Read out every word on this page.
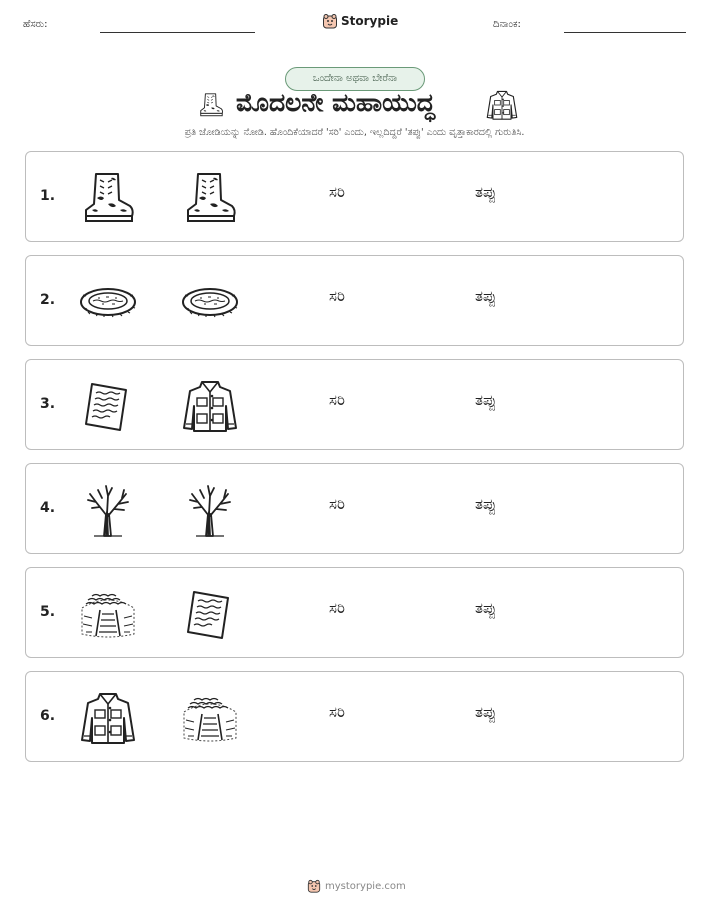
ಹೆಸರು:	Storypie	ದಿನಾಂಕ:
ಒಂದೇನಾ ಅಥವಾ ಬೇರೆನಾ
ಮೊದಲನೇ ಮಹಾಯುದ್ಧ
ಪ್ರತಿ ಜೋಡಿಯನ್ನು ನೋಡಿ. ಹೊಂದಿಕೆಯಾದರೆ 'ಸರಿ' ಎಂದು, ಇಲ್ಲದಿದ್ದರೆ 'ತಪ್ಪು' ಎಂದು ವೃತ್ತಾಕಾರದಲ್ಲಿ ಗುರುತಿಸಿ.
1.	ಸರಿ	ತಪ್ಪು
2.	ಸರಿ	ತಪ್ಪು
3.	ಸರಿ	ತಪ್ಪು
4.	ಸರಿ	ತಪ್ಪು
5.	ಸರಿ	ತಪ್ಪು
6.	ಸರಿ	ತಪ್ಪು
mystorypie.com
